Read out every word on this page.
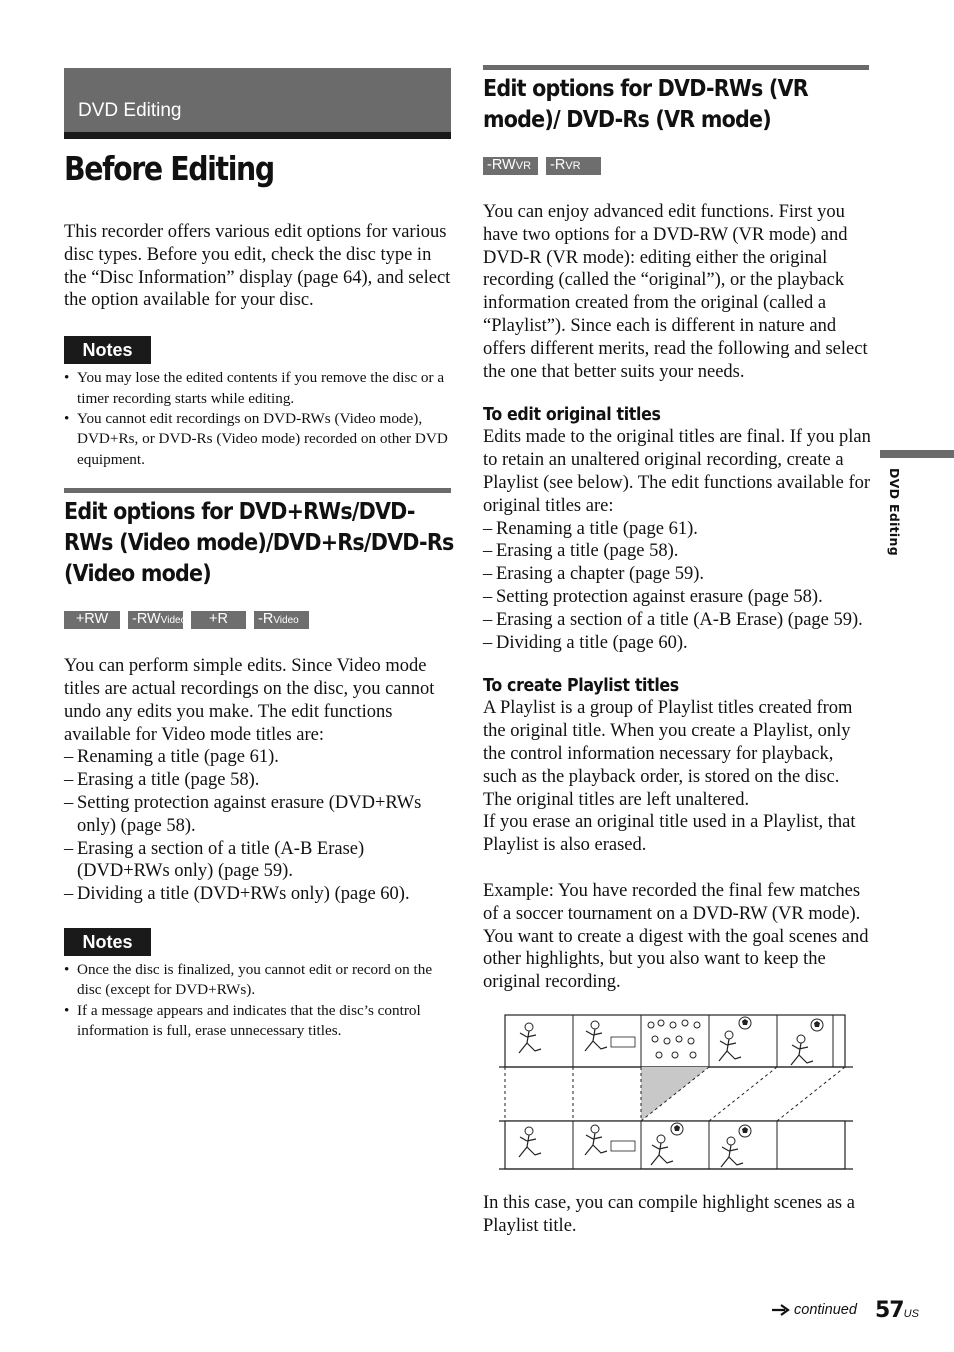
DVD Editing
Before Editing

This recorder offers various edit options for various disc types. Before you edit, check the disc type in the “Disc Information” display (page 64), and select the option available for your disc.

Notes
• You may lose the edited contents if you remove the disc or a timer recording starts while editing.
• You cannot edit recordings on DVD-RWs (Video mode), DVD+Rs, or DVD-Rs (Video mode) recorded on other DVD equipment.
Edit options for DVD+RWs/DVD-RWs (Video mode)/DVD+Rs/DVD-Rs (Video mode)
+RW -RW Video +R -R Video

You can perform simple edits. Since Video mode titles are actual recordings on the disc, you cannot undo any edits you make. The edit functions available for Video mode titles are:

– Renaming a title (page 61).
– Erasing a title (page 58).
– Setting protection against erasure (DVD+RWs only) (page 58).
– Erasing a section of a title (A-B Erase) (DVD+RWs only) (page 59).
– Dividing a title (DVD+RWs only) (page 60).
Notes
• Once the disc is finalized, you cannot edit or record on the disc (except for DVD+RWs).
• If a message appears and indicates that the disc’s control information is full, erase unnecessary titles.
Edit options for DVD-RWs (VR mode)/ DVD-Rs (VR mode)
-RW VR -R VR

You can enjoy advanced edit functions. First you have two options for a DVD-RW (VR mode) and DVD-R (VR mode): editing either the original recording (called the “original”), or the playback information created from the original (called a “Playlist”). Since each is different in nature and offers different merits, read the following and select the one that better suits your needs.

To edit original titles

Edits made to the original titles are final. If you plan to retain an unaltered original recording, create a Playlist (see below). The edit functions available for original titles are:

– Renaming a title (page 61).
– Erasing a title (page 58).
– Erasing a chapter (page 59).
– Setting protection against erasure (page 58).
– Erasing a section of a title (A-B Erase) (page 59).
– Dividing a title (page 60).
To create Playlist titles

A Playlist is a group of Playlist titles created from the original title. When you create a Playlist, only the control information necessary for playback, such as the playback order, is stored on the disc. The original titles are left unaltered.

If you erase an original title used in a Playlist, that Playlist is also erased.

Example: You have recorded the final few matches of a soccer tournament on a DVD-RW (VR mode). You want to create a digest with the goal scenes and other highlights, but you also want to keep the original recording.

In this case, you can compile highlight scenes as a Playlist title.

DVD Editing
continued 57US
